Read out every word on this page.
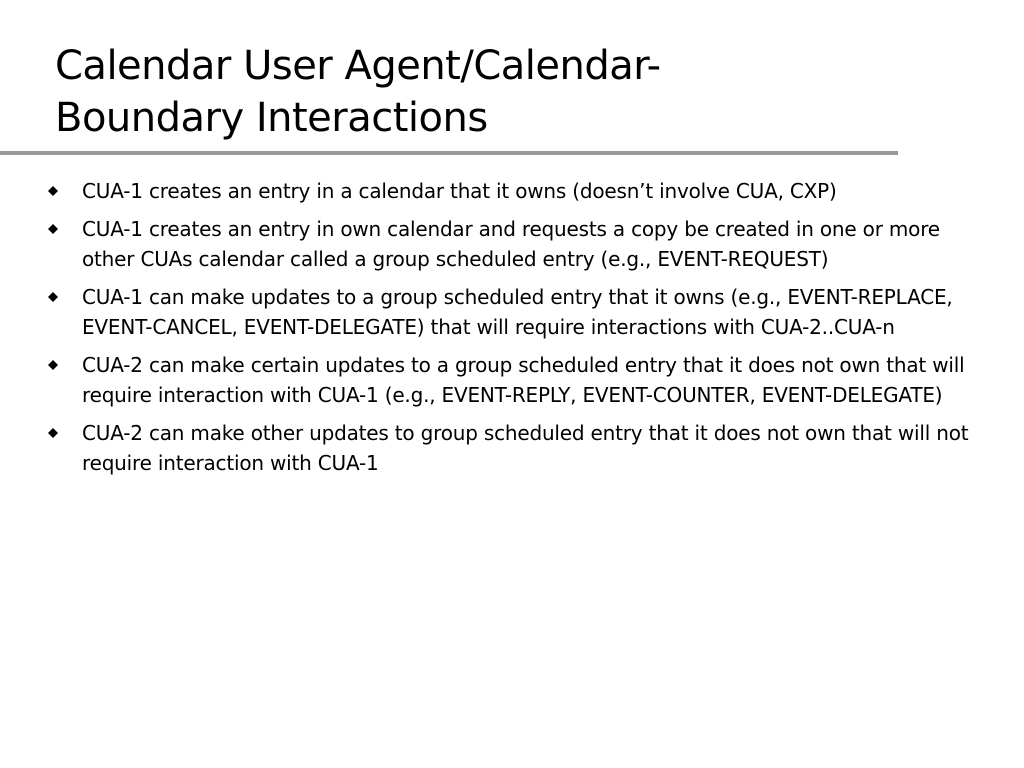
Calendar User Agent/Calendar-
Boundary Interactions
CUA-1 creates an entry in a calendar that it owns (doesn’t involve CUA, CXP)
CUA-1 creates an entry in own calendar and requests a copy be created in one or more other CUAs calendar called a group scheduled entry (e.g., EVENT-REQUEST)
CUA-1 can make updates to a group scheduled entry that it owns (e.g., EVENT-REPLACE, EVENT-CANCEL, EVENT-DELEGATE) that will require interactions with CUA-2..CUA-n
CUA-2 can make certain updates to a group scheduled entry that it does not own that will require interaction with CUA-1 (e.g., EVENT-REPLY, EVENT-COUNTER, EVENT-DELEGATE)
CUA-2 can make other updates to group scheduled entry that it does not own that will not require interaction with CUA-1
